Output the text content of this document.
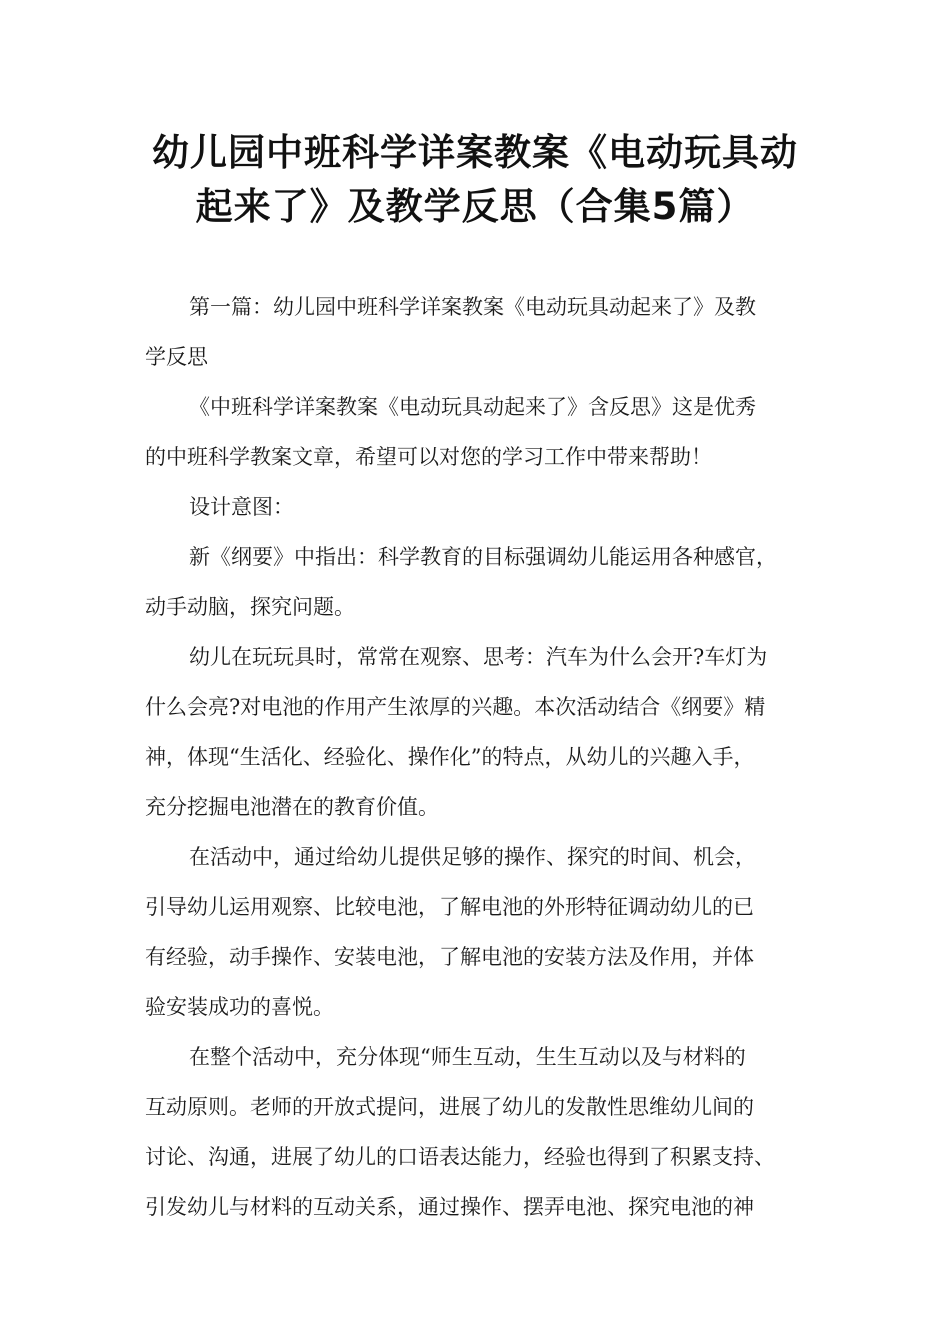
幼儿园中班科学详案教案《电动玩具动
起来了》及教学反思（合集5篇）
第一篇：幼儿园中班科学详案教案《电动玩具动起来了》及教
学反思
《中班科学详案教案《电动玩具动起来了》含反思》这是优秀
的中班科学教案文章，希望可以对您的学习工作中带来帮助！
设计意图：
新《纲要》中指出：科学教育的目标强调幼儿能运用各种感官，
动手动脑，探究问题。
幼儿在玩玩具时，常常在观察、思考：汽车为什么会开?车灯为
什么会亮?对电池的作用产生浓厚的兴趣。本次活动结合《纲要》精
神，体现“生活化、经验化、操作化”的特点，从幼儿的兴趣入手，
充分挖掘电池潜在的教育价值。
在活动中，通过给幼儿提供足够的操作、探究的时间、机会，
引导幼儿运用观察、比较电池，了解电池的外形特征调动幼儿的已
有经验，动手操作、安装电池，了解电池的安装方法及作用，并体
验安装成功的喜悦。
在整个活动中，充分体现“师生互动，生生互动以及与材料的
互动原则。老师的开放式提问，进展了幼儿的发散性思维幼儿间的
讨论、沟通，进展了幼儿的口语表达能力，经验也得到了积累支持、
引发幼儿与材料的互动关系，通过操作、摆弄电池、探究电池的神
